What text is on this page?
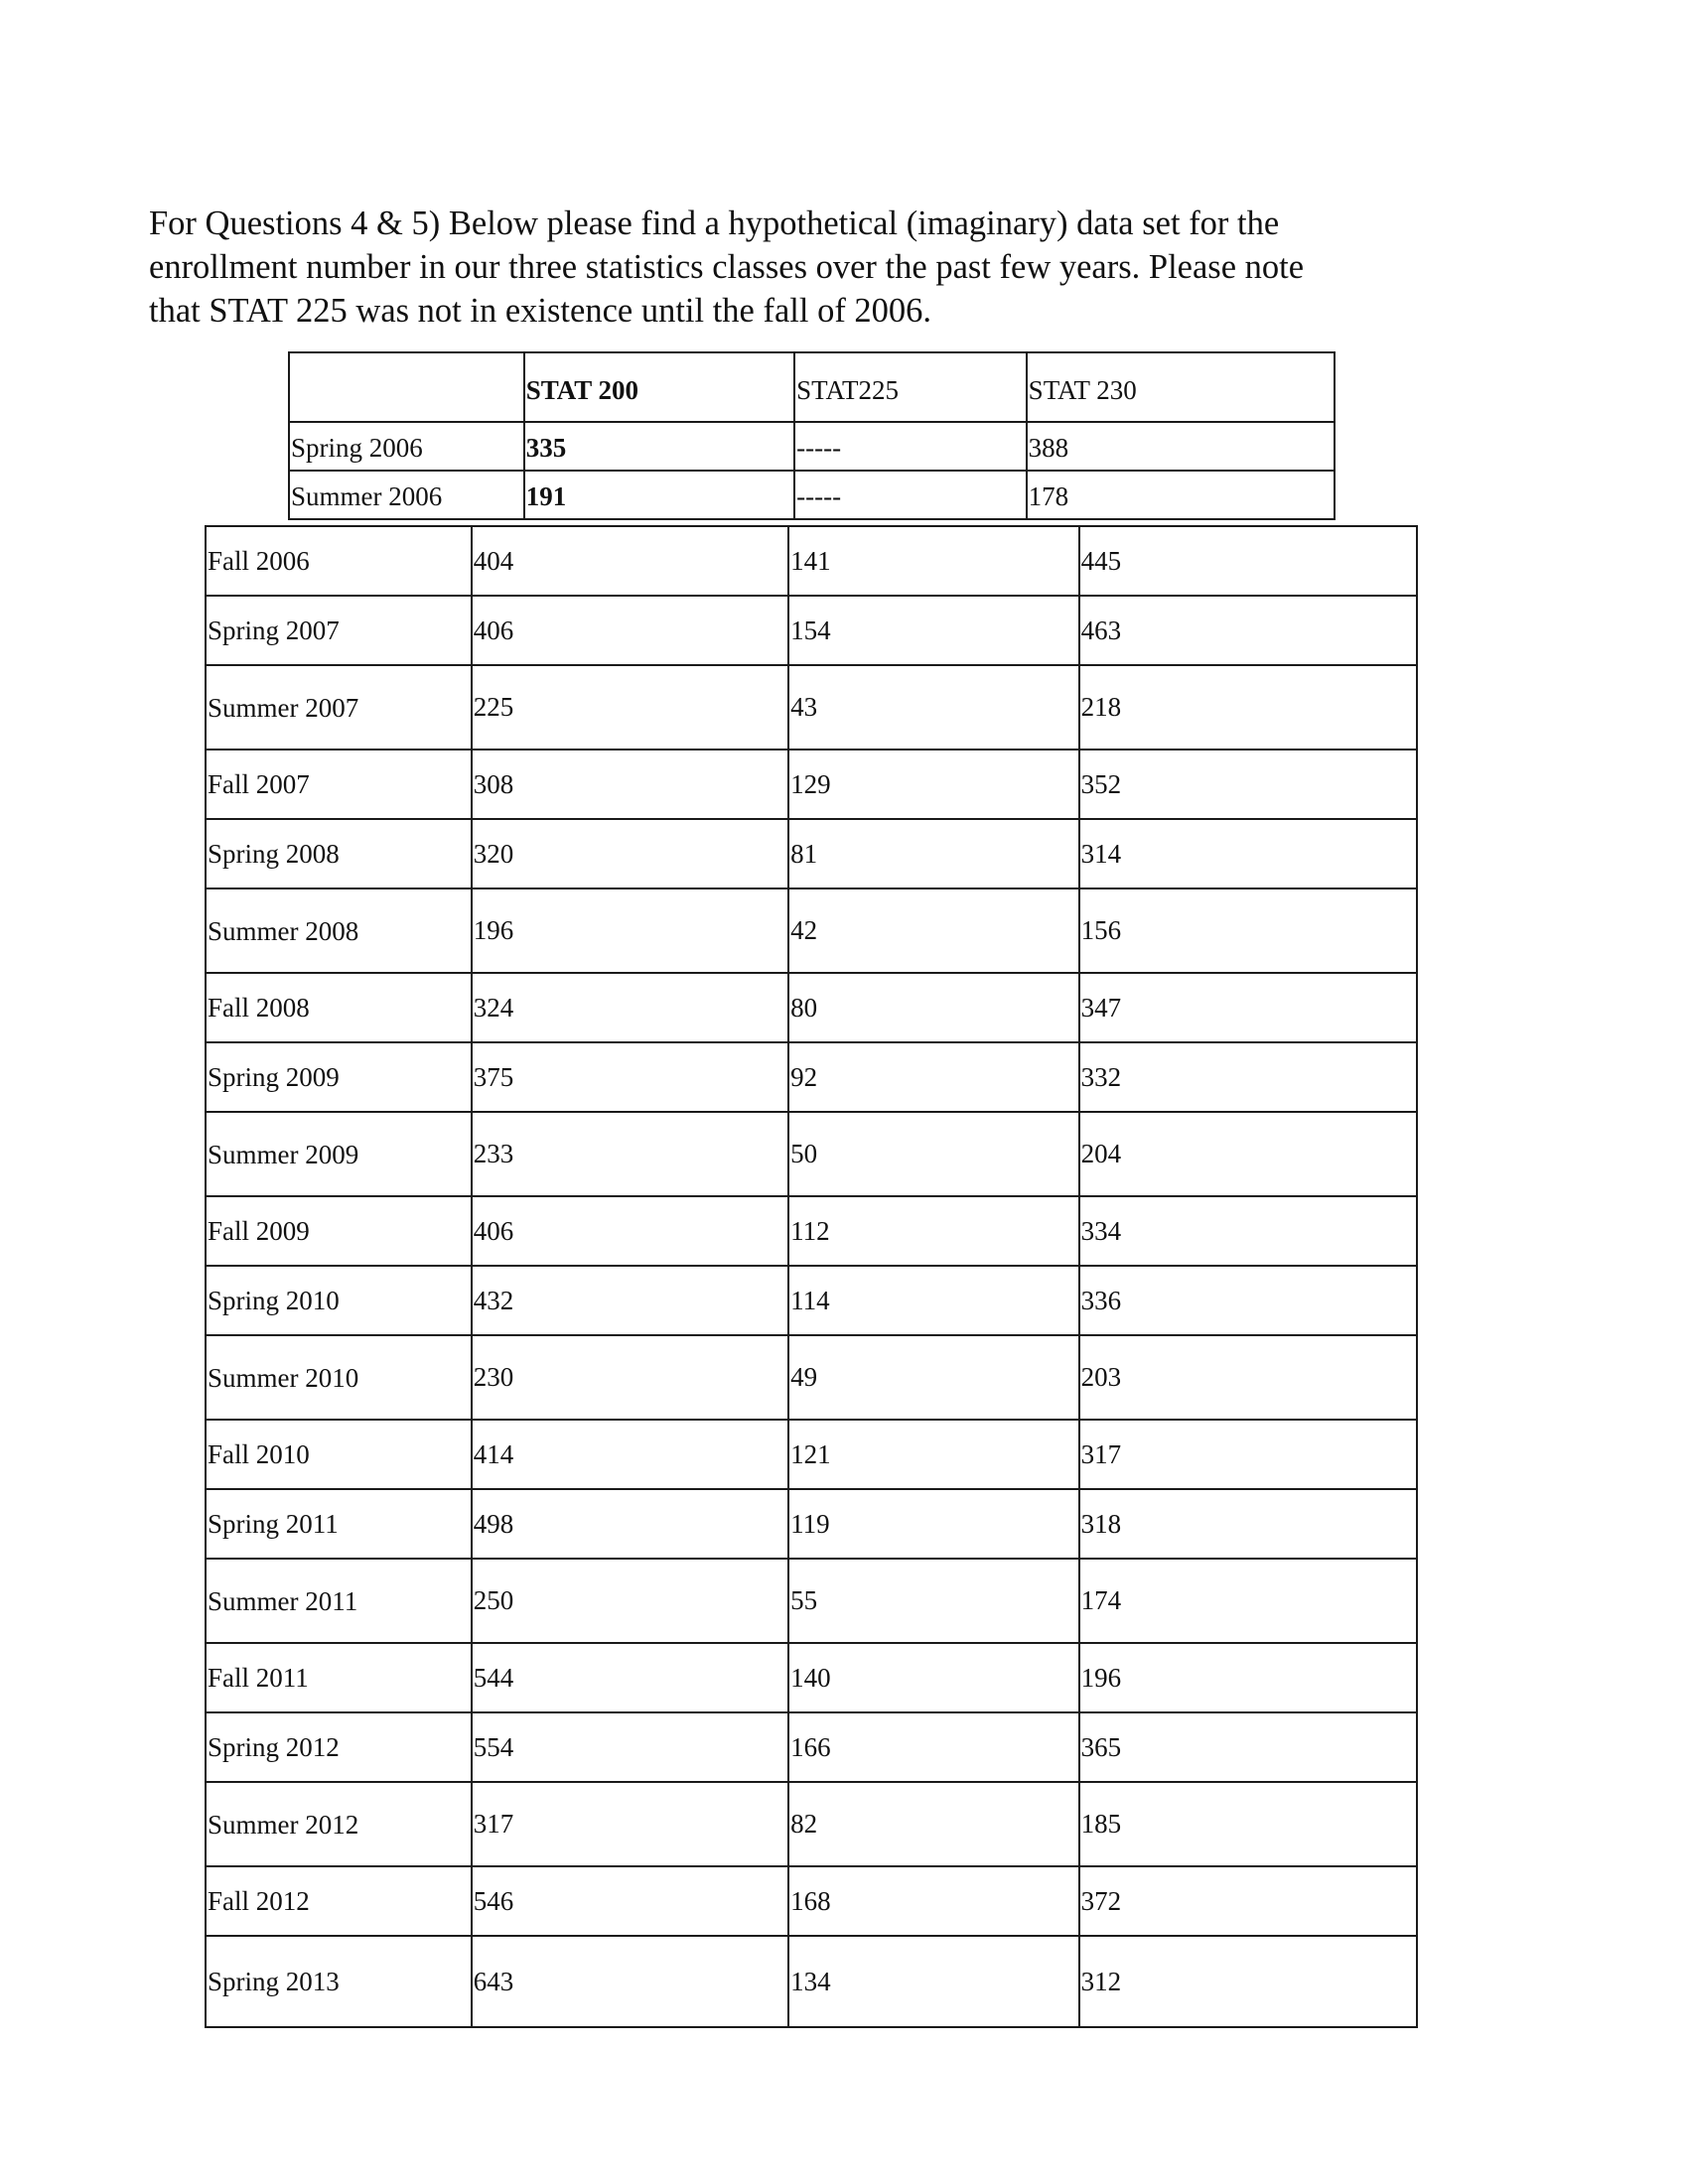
For Questions 4 & 5) Below please find a hypothetical (imaginary) data set for the

enrollment number in our three statistics classes over the past few years. Please note

that STAT 225 was not in existence until the fall of 2006.

	STAT 200	STAT225	STAT 230
Spring 2006	335	-----	388
Summer 2006	191	-----	178
Fall 2006	404	141	445
Spring 2007	406	154	463
Summer 2007	225	43	218
Fall 2007	308	129	352
Spring 2008	320	81	314
Summer 2008	196	42	156
Fall 2008	324	80	347
Spring 2009	375	92	332
Summer 2009	233	50	204
Fall 2009	406	112	334
Spring 2010	432	114	336
Summer 2010	230	49	203
Fall 2010	414	121	317
Spring 2011	498	119	318
Summer 2011	250	55	174
Fall 2011	544	140	196
Spring 2012	554	166	365
Summer 2012	317	82	185
Fall 2012	546	168	372
Spring 2013	643	134	312
